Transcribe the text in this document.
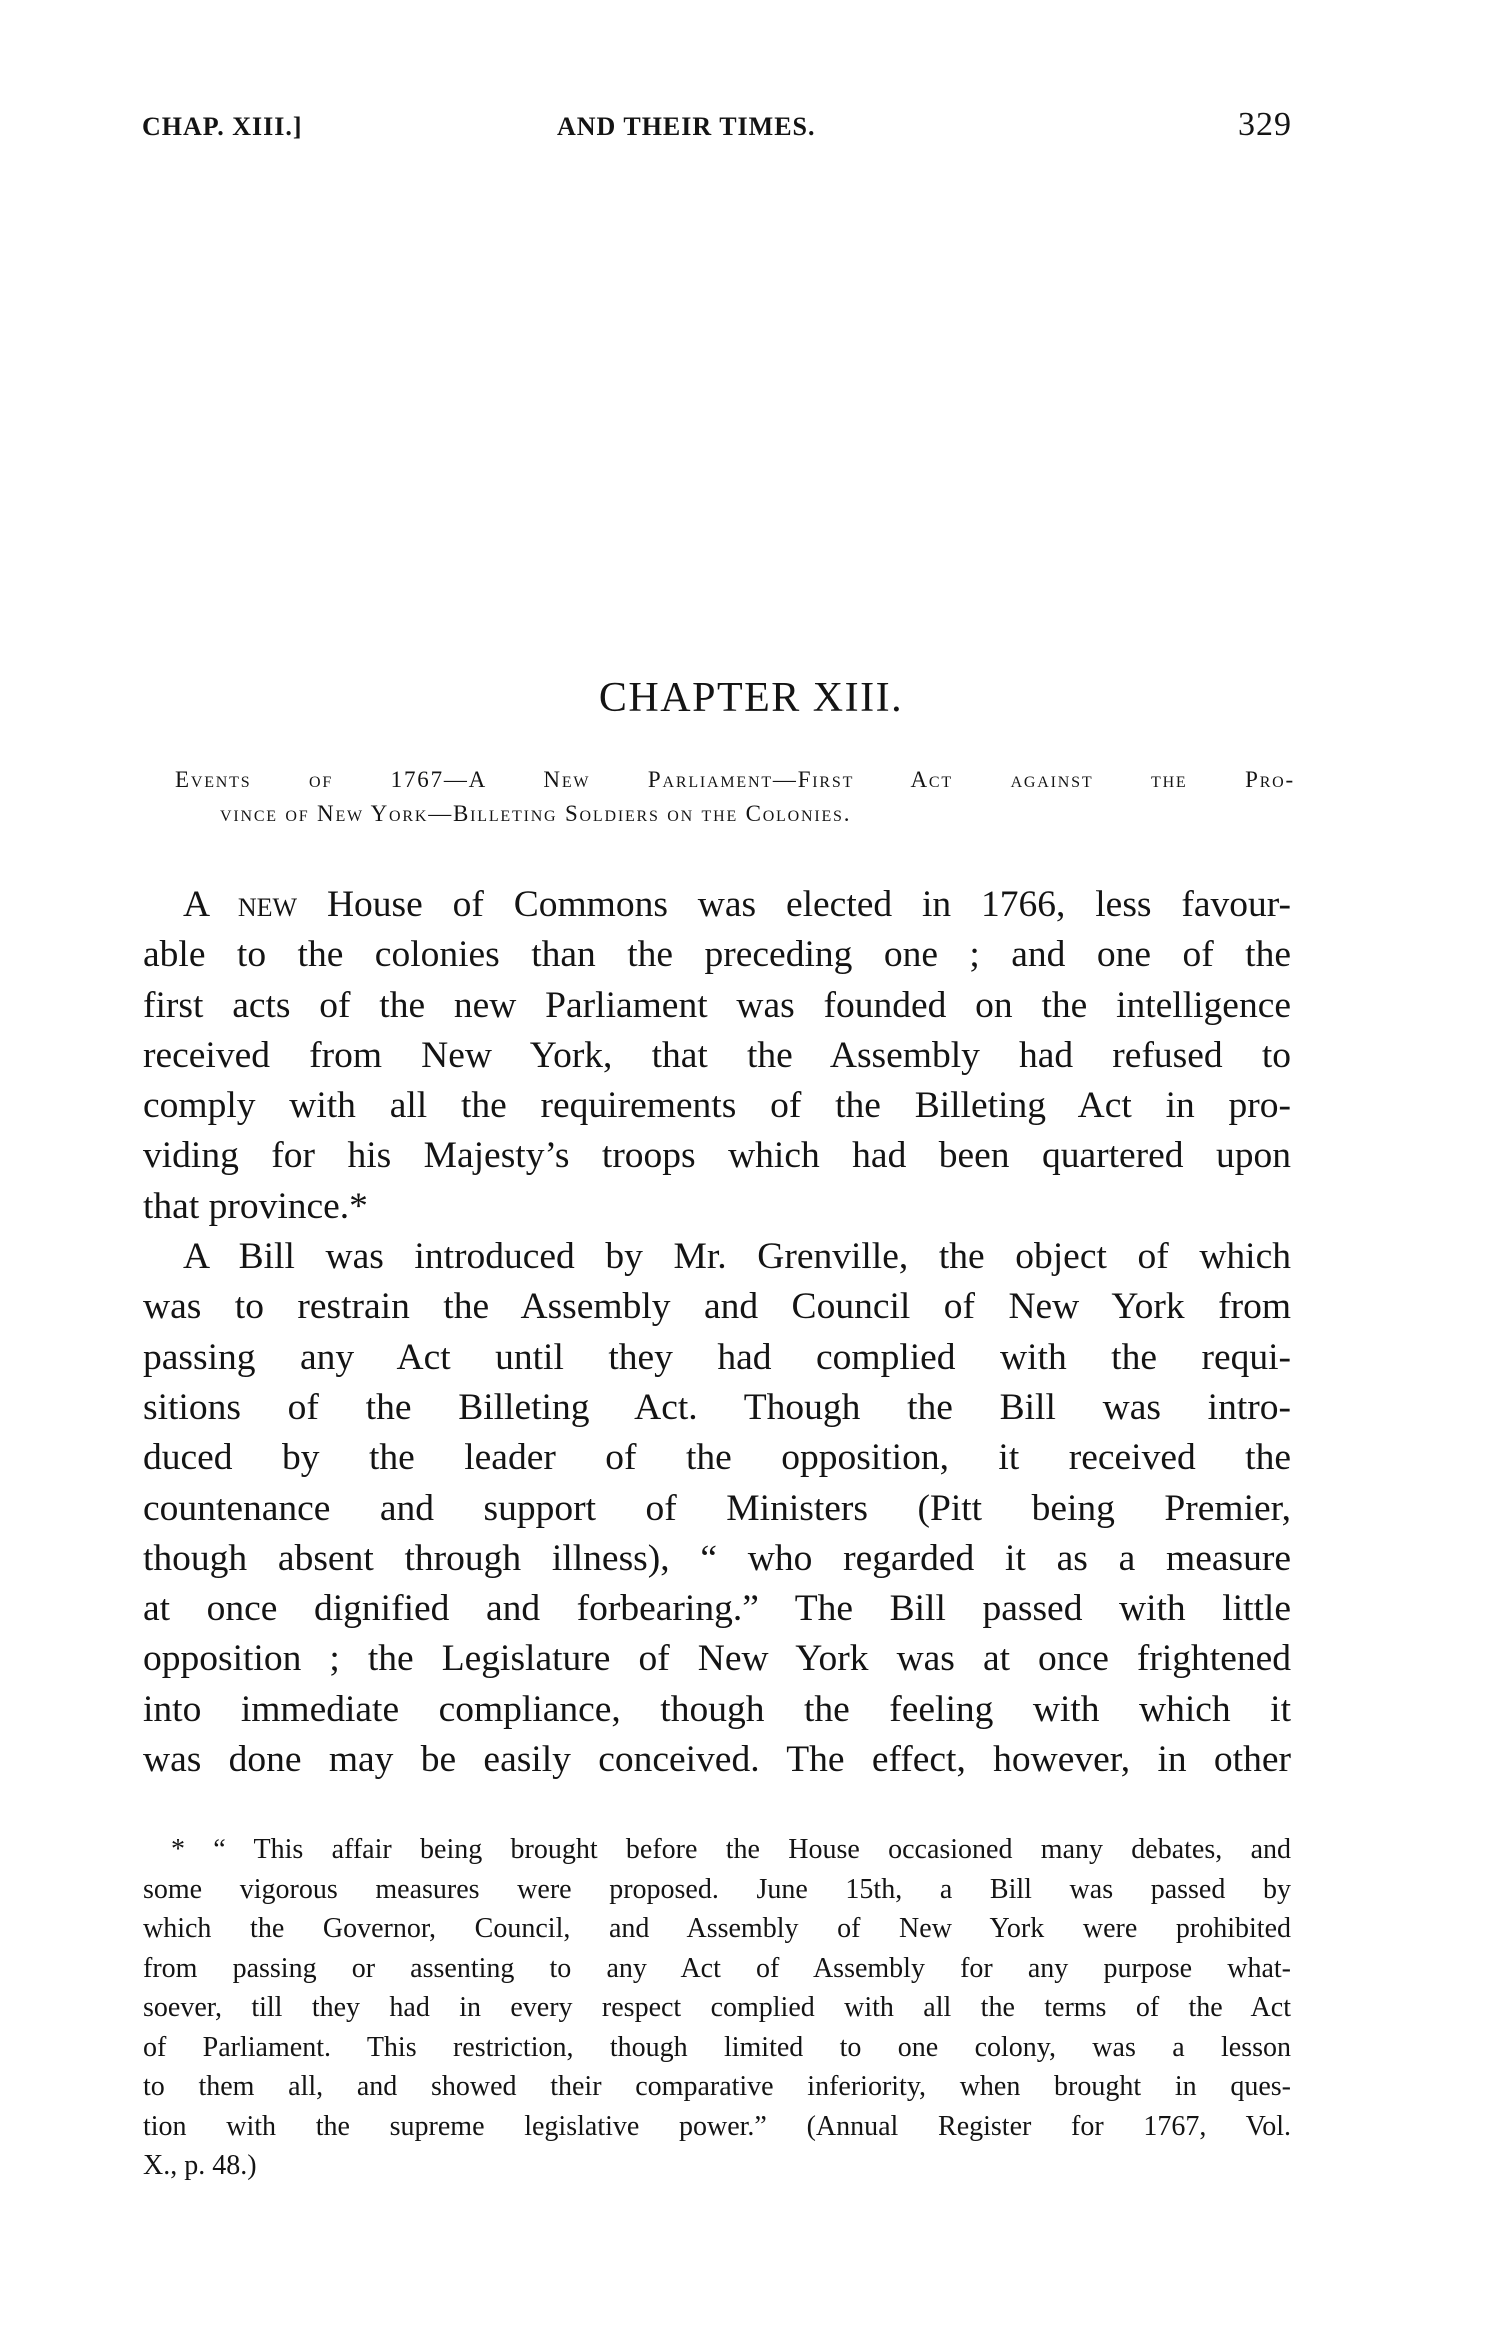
CHAP. XIII.]	AND THEIR TIMES.	329
CHAPTER XIII.
Events of 1767—A New Parliament—First Act against the Pro-
vince of New York—Billeting Soldiers on the Colonies.
A new House of Commons was elected in 1766, less favour-
able to the colonies than the preceding one ; and one of the
first acts of the new Parliament was founded on the intelligence
received from New York, that the Assembly had refused to
comply with all the requirements of the Billeting Act in pro-
viding for his Majesty’s troops which had been quartered upon
that province.*
A Bill was introduced by Mr. Grenville, the object of which
was to restrain the Assembly and Council of New York from
passing any Act until they had complied with the requi-
sitions of the Billeting Act. Though the Bill was intro-
duced by the leader of the opposition, it received the
countenance and support of Ministers (Pitt being Premier,
though absent through illness), “ who regarded it as a measure
at once dignified and forbearing.” The Bill passed with little
opposition ; the Legislature of New York was at once frightened
into immediate compliance, though the feeling with which it
was done may be easily conceived. The effect, however, in other
* “ This affair being brought before the House occasioned many debates, and
some vigorous measures were proposed. June 15th, a Bill was passed by
which the Governor, Council, and Assembly of New York were prohibited
from passing or assenting to any Act of Assembly for any purpose what-
soever, till they had in every respect complied with all the terms of the Act
of Parliament. This restriction, though limited to one colony, was a lesson
to them all, and showed their comparative inferiority, when brought in ques-
tion with the supreme legislative power.” (Annual Register for 1767, Vol.
X., p. 48.)
